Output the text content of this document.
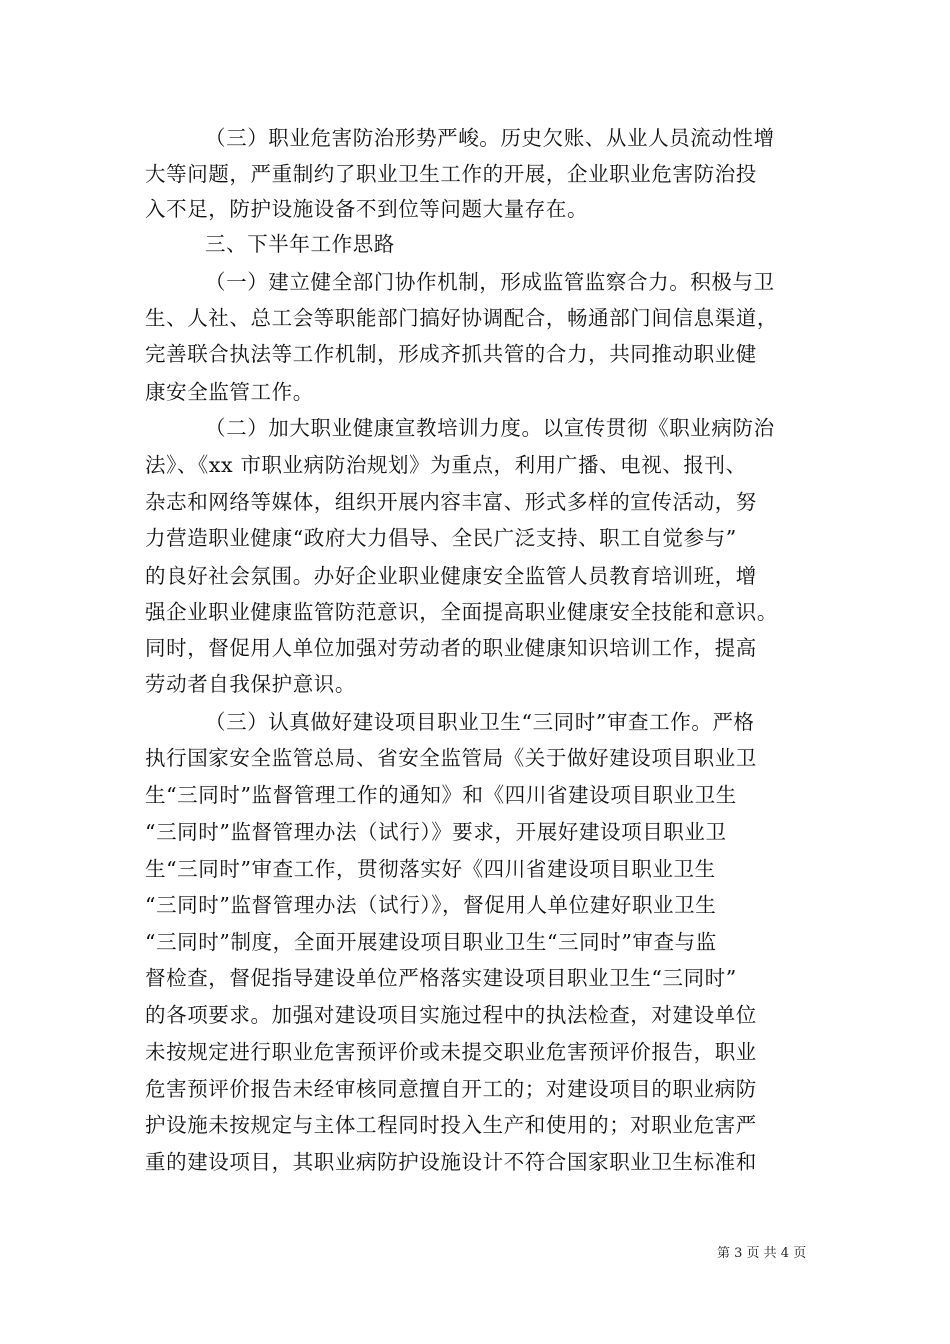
（三）职业危害防治形势严峻。历史欠账、从业人员流动性增
大等问题，严重制约了职业卫生工作的开展，企业职业危害防治投
入不足，防护设施设备不到位等问题大量存在。
三、下半年工作思路
（一）建立健全部门协作机制，形成监管监察合力。积极与卫
生、人社、总工会等职能部门搞好协调配合，畅通部门间信息渠道，
完善联合执法等工作机制，形成齐抓共管的合力，共同推动职业健
康安全监管工作。
（二）加大职业健康宣教培训力度。以宣传贯彻《职业病防治
法》、《xx 市职业病防治规划》为重点，利用广播、电视、报刊、
杂志和网络等媒体，组织开展内容丰富、形式多样的宣传活动，努
力营造职业健康“政府大力倡导、全民广泛支持、职工自觉参与”
的良好社会氛围。办好企业职业健康安全监管人员教育培训班，增
强企业职业健康监管防范意识，全面提高职业健康安全技能和意识。
同时，督促用人单位加强对劳动者的职业健康知识培训工作，提高
劳动者自我保护意识。
（三）认真做好建设项目职业卫生“三同时”审查工作。严格
执行国家安全监管总局、省安全监管局《关于做好建设项目职业卫
生“三同时”监督管理工作的通知》和《四川省建设项目职业卫生
“三同时”监督管理办法（试行）》要求，开展好建设项目职业卫
生“三同时”审查工作，贯彻落实好《四川省建设项目职业卫生
“三同时”监督管理办法（试行）》，督促用人单位建好职业卫生
“三同时”制度，全面开展建设项目职业卫生“三同时”审查与监
督检查，督促指导建设单位严格落实建设项目职业卫生“三同时”
的各项要求。加强对建设项目实施过程中的执法检查，对建设单位
未按规定进行职业危害预评价或未提交职业危害预评价报告，职业
危害预评价报告未经审核同意擅自开工的；对建设项目的职业病防
护设施未按规定与主体工程同时投入生产和使用的；对职业危害严
重的建设项目，其职业病防护设施设计不符合国家职业卫生标准和
第 3 页 共 4 页
